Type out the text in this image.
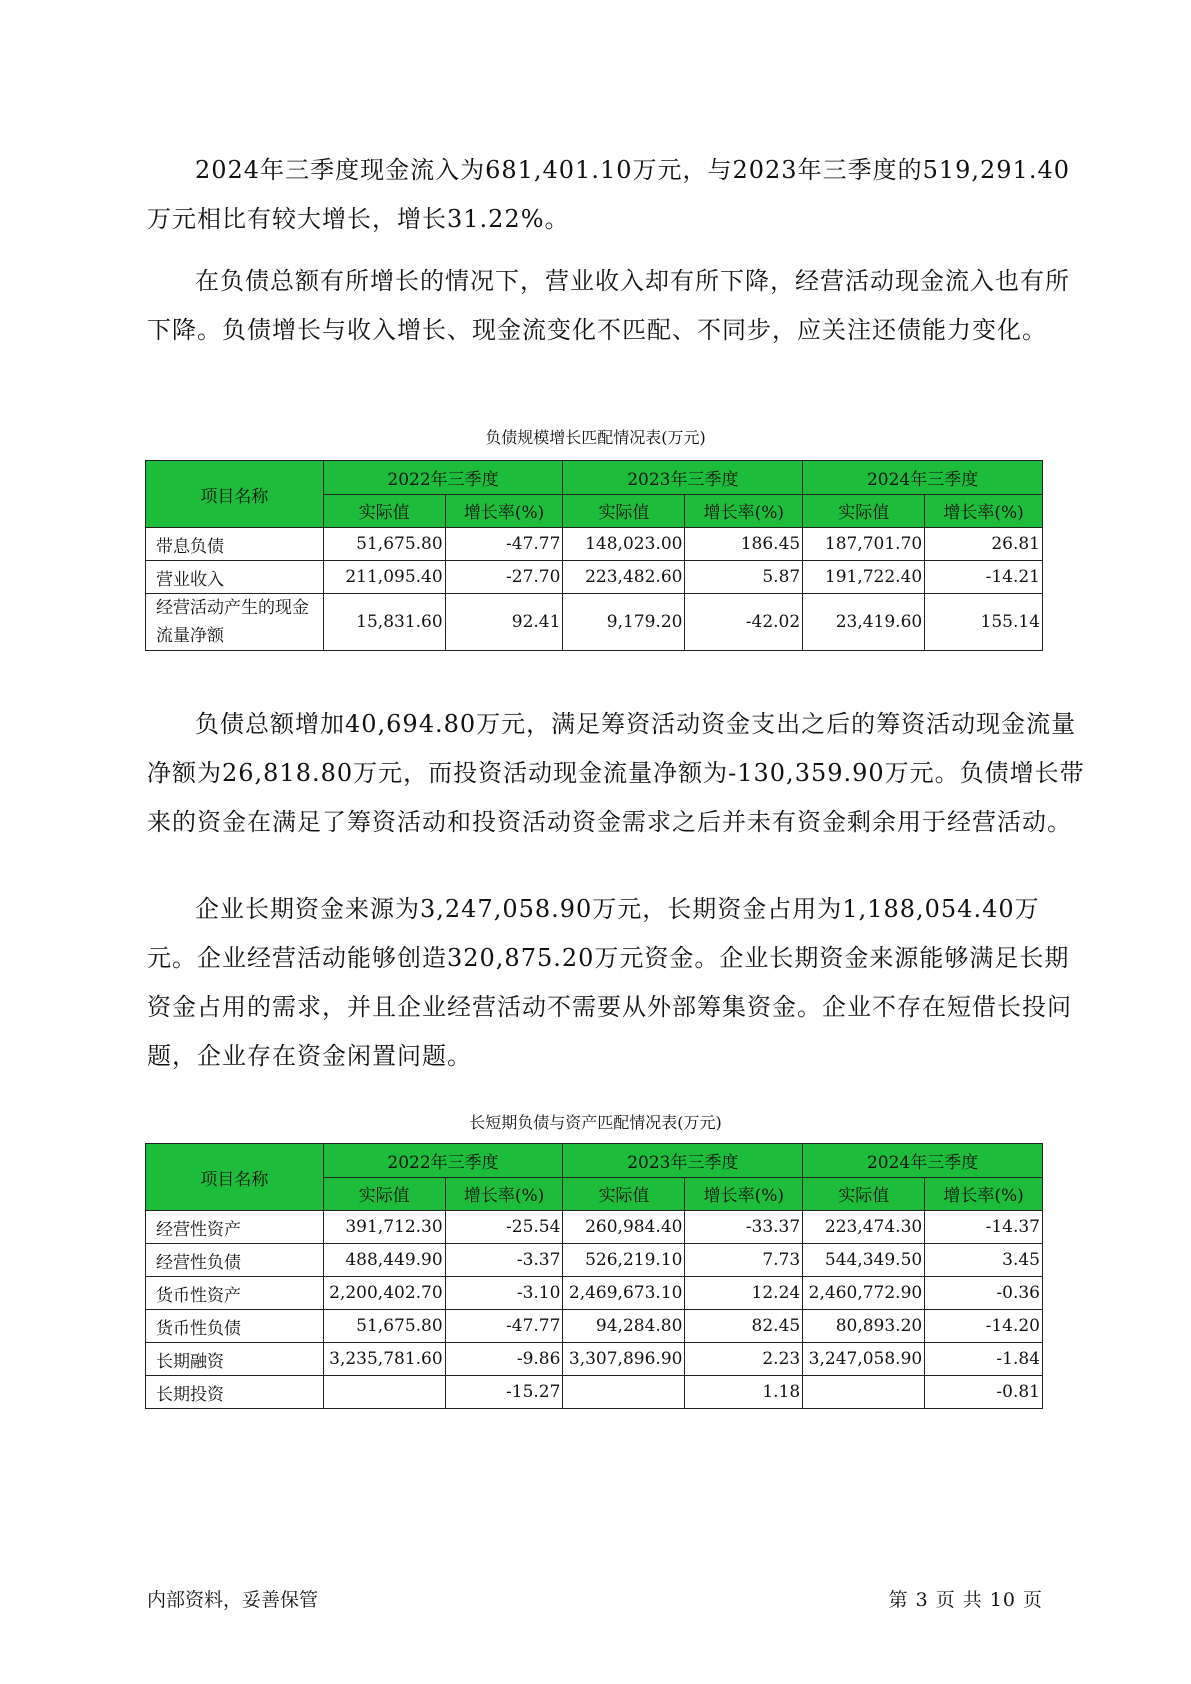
2024年三季度现金流入为681,401.10万元，与2023年三季度的519,291.40万元相比有较大增长，增长31.22%。

在负债总额有所增长的情况下，营业收入却有所下降，经营活动现金流入也有所下降。负债增长与收入增长、现金流变化不匹配、不同步，应关注还债能力变化。

负债规模增长匹配情况表(万元)
项目名称	2022年三季度		2023年三季度		2024年三季度	
	实际值	增长率(%)	实际值	增长率(%)	实际值	增长率(%)
带息负债	51,675.80	-47.77	148,023.00	186.45	187,701.70	26.81
营业收入	211,095.40	-27.70	223,482.60	5.87	191,722.40	-14.21
经营活动产生的现金流量净额	15,831.60	92.41	9,179.20	-42.02	23,419.60	155.14

负债总额增加40,694.80万元，满足筹资活动资金支出之后的筹资活动现金流量净额为26,818.80万元，而投资活动现金流量净额为-130,359.90万元。负债增长带来的资金在满足了筹资活动和投资活动资金需求之后并未有资金剩余用于经营活动。

企业长期资金来源为3,247,058.90万元，长期资金占用为1,188,054.40万元。企业经营活动能够创造320,875.20万元资金。企业长期资金来源能够满足长期资金占用的需求，并且企业经营活动不需要从外部筹集资金。企业不存在短借长投问题，企业存在资金闲置问题。

长短期负债与资产匹配情况表(万元)
项目名称	2022年三季度		2023年三季度		2024年三季度	
	实际值	增长率(%)	实际值	增长率(%)	实际值	增长率(%)
经营性资产	391,712.30	-25.54	260,984.40	-33.37	223,474.30	-14.37
经营性负债	488,449.90	-3.37	526,219.10	7.73	544,349.50	3.45
货币性资产	2,200,402.70	-3.10	2,469,673.10	12.24	2,460,772.90	-0.36
货币性负债	51,675.80	-47.77	94,284.80	82.45	80,893.20	-14.20
长期融资	3,235,781.60	-9.86	3,307,896.90	2.23	3,247,058.90	-1.84
长期投资		-15.27		1.18		-0.81
内部资料，妥善保管	第 3 页 共 10 页
